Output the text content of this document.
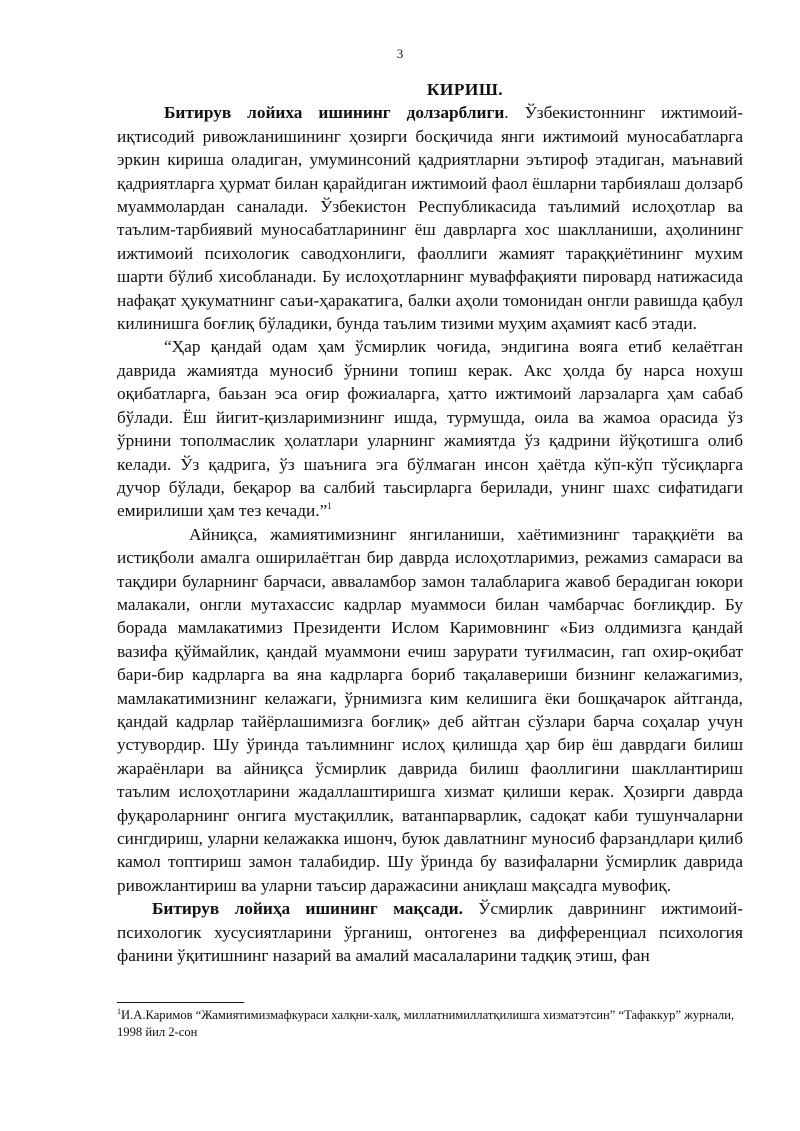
3
КИРИШ.

Битирув лойиха ишининг долзарблиги. Ўзбекистоннинг ижтимоий-иқтисодий ривожланишининг ҳозирги босқичида янги ижтимоий муносабатларга эркин кириша оладиган, умуминсоний қадриятларни эътироф этадиган, маънавий қадриятларга ҳурмат билан қарайдиган ижтимоий фаол ёшларни тарбиялаш долзарб муаммолардан саналади. Ўзбекистон Республикасида таълимий ислоҳотлар ва таълим-тарбиявий муносабатларининг ёш даврларга хос шаклланиши, аҳолининг ижтимоий психологик саводхонлиги, фаоллиги жамият тараққиётининг мухим шарти бўлиб хисобланади. Бу ислоҳотларнинг муваффақияти пировард натижасида нафақат ҳукуматнинг саъи-ҳаракатига, балки аҳоли томонидан онгли равишда қабул килинишга боғлиқ бўладики, бунда таълим тизими муҳим аҳамият касб этади.

“Ҳар қандай одам ҳам ўсмирлик чоғида, эндигина вояга етиб келаётган даврида жамиятда муносиб ўрнини топиш керак. Акс ҳолда бу нарса нохуш оқибатларга, баьзан эса оғир фожиаларга, ҳатто ижтимоий ларзаларга ҳам сабаб бўлади. Ёш йигит-қизларимизнинг ишда, турмушда, оила ва жамоа орасида ўз ўрнини тополмаслик ҳолатлари уларнинг жамиятда ўз қадрини йўқотишга олиб келади. Ўз қадрига, ўз шаънига эга бўлмаган инсон ҳаётда кўп-кўп тўсиқларга дучор бўлади, беқарор ва салбий таьсирларга берилади, унинг шахс сифатидаги емирилиши ҳам тез кечади.”$^1$

Айниқса, жамиятимизнинг янгиланиши, хаётимизнинг тараққиёти ва истиқболи амалга оширилаётган бир даврда ислоҳотларимиз, режамиз самараси ва тақдири буларнинг барчаси, авваламбор замон талабларига жавоб берадиган юкори малакали, онгли мутахассис кадрлар муаммоси билан чамбарчас боғлиқдир. Бу борада мамлакатимиз Президенти Ислом Каримовнинг «Биз олдимизга қандай вазифа қўймайлик, қандай муаммони ечиш зарурати туғилмасин, гап охир-оқибат бари-бир кадрларга ва яна кадрларга бориб тақалавериши бизнинг келажагимиз, мамлакатимизнинг келажаги, ўрнимизга ким келишига ёки бошқачарок айтганда, қандай кадрлар тайёрлашимизга боғлиқ» деб айтган сўзлари барча соҳалар учун устувордир. Шу ўринда таълимнинг ислоҳ қилишда ҳар бир ёш даврдаги билиш жараёнлари ва айниқса ўсмирлик даврида билиш фаоллигини шакллантириш таълим ислоҳотларини жадаллаштиришга хизмат қилиши керак. Ҳозирги даврда фуқароларнинг онгига мустақиллик, ватанпарварлик, садоқат каби тушунчаларни сингдириш, уларни келажакка ишонч, буюк давлатнинг муносиб фарзандлари қилиб камол топтириш замон талабидир. Шу ўринда бу вазифаларни ўсмирлик даврида ривожлантириш ва уларни таъсир даражасини аниқлаш мақсадга мувофиқ.

Битирув лойиҳа ишининг мақсади. Ўсмирлик даврининг ижтимоий-психологик хусусиятларини ўрганиш, онтогенез ва дифференциал психология фанини ўқитишнинг назарий ва амалий масалаларини тадқиқ этиш, фан

$^1$И.А.Каримов “Жамиятимизмафкураси халқни-халқ, миллатнимиллатқилишга хизматэтсин” “Тафаккур” журнали, 1998 йил 2-сон
